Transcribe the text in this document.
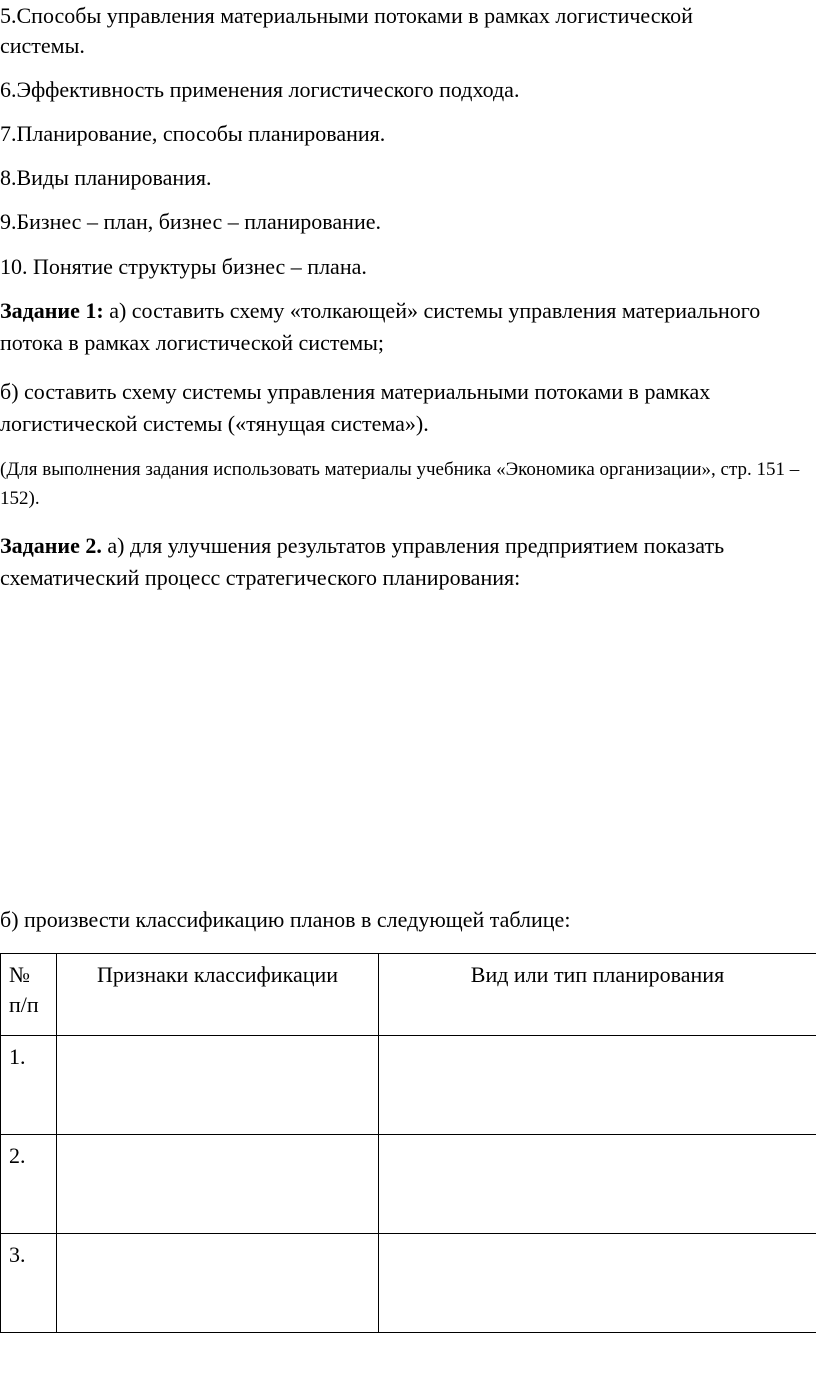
5.Способы управления материальными потоками в рамках логистической

системы.

6.Эффективность применения логистического подхода.

7.Планирование, способы планирования.

8.Виды планирования.

9.Бизнес – план, бизнес – планирование.

10. Понятие структуры бизнес – плана.

Задание 1: а) составить схему «толкающей» системы управления материального потока в рамках логистической системы;

б) составить схему системы управления материальными потоками в рамках логистической системы («тянущая система»).

(Для выполнения задания использовать материалы учебника «Экономика организации», стр. 151 – 152).

Задание 2. а) для улучшения результатов управления предприятием показать схематический процесс стратегического планирования:

б) произвести классификацию планов в следующей таблице:

№ п/п	Признаки классификации	Вид или тип планирования
1.		
2.		
3.		
